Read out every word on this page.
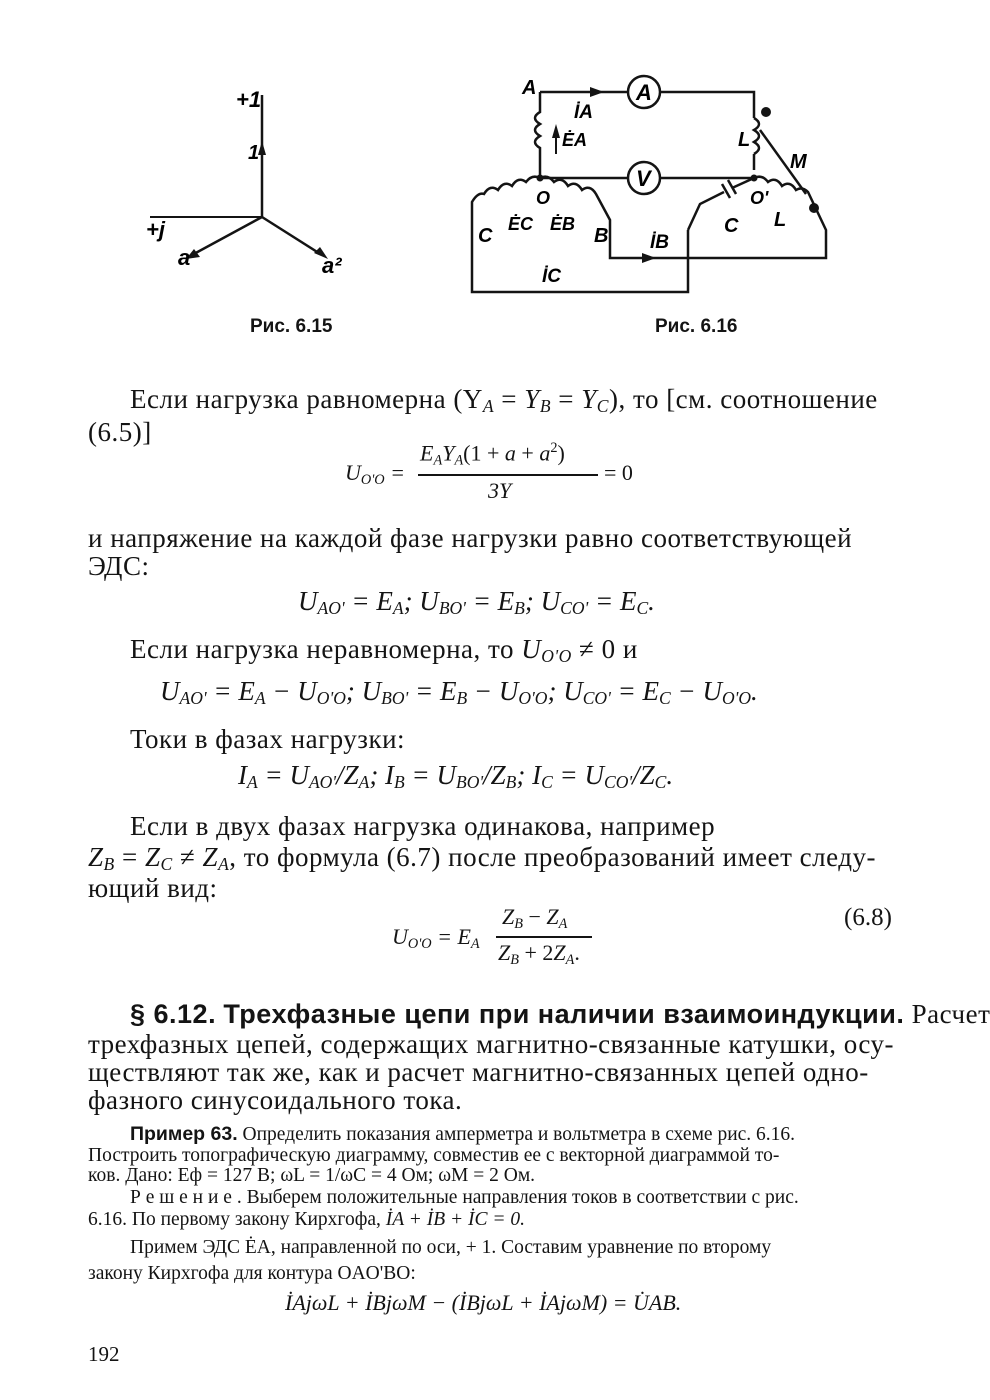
+1
1
+j
a	a²
Рис. 6.15
A
İA
ĖA
A
V
L
M
O	O'
ĖC ĖB
C	B	C L
İB
İC
Рис. 6.16
Если нагрузка равномерна $(Y_A = Y_B = Y_C)$, то [см. соотношение
(6.5)]
$U_{O'O}$ =
$E_AY_A(1 + a + a^2)$
3Y
= 0
и напряжение на каждой фазе нагрузки равно соответствующей
ЭДС:
$U_{AO'} = E_A$; $U_{BO'} = E_B$; $U_{CO'} = E_C$.
Если нагрузка неравномерна, то $U_{O'O} \ne 0$ и
$U_{AO'} = E_A - U_{O'O}$; $U_{BO'} = E_B - U_{O'O}$; $U_{CO'} = E_C - U_{O'O}$.
Токи в фазах нагрузки:
$I_A = U_{AO'}/Z_A$; $I_B = U_{BO'}/Z_B$; $I_C = U_{CO'}/Z_C$.
Если в двух фазах нагрузка одинакова, например
$Z_B = Z_C \ne Z_A$, то формула (6.7) после преобразований имеет следу-
ющий вид:
$U_{O'O} = E_A$
$Z_B - Z_A$
$Z_B + 2Z_A$.
(6.8)
§ 6.12. Трехфазные цепи при наличии взаимоиндукции. Расчет
трехфазных цепей, содержащих магнитно-связанные катушки, осу-
ществляют так же, как и расчет магнитно-связанных цепей одно-
фазного синусоидального тока.
Пример 63. Определить показания амперметра и вольтметра в схеме рис. 6.16.
Построить топографическую диаграмму, совместив ее с векторной диаграммой то-
ков. Дано: Eф = 127 В; ωL = 1/ωC = 4 Ом; ωM = 2 Ом.
Р е ш е н и е . Выберем положительные направления токов в соответствии с рис.
6.16. По первому закону Кирхгофа, İA + İB + İC = 0.
Примем ЭДС ĖA, направленной по оси, + 1. Составим уравнение по второму
закону Кирхгофа для контура OAO'BO:
İAjωL + İBjωM − (İBjωL + İAjωM) = U̇AB.
192
